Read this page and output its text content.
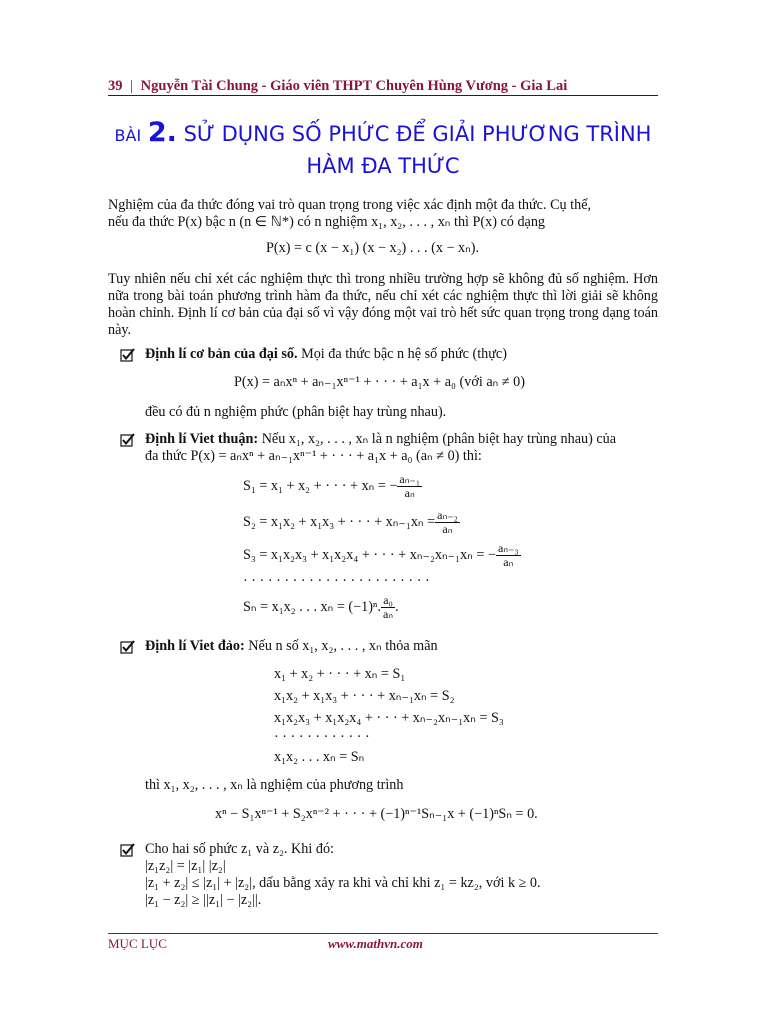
39 | Nguyễn Tài Chung - Giáo viên THPT Chuyên Hùng Vương - Gia Lai
BÀI 2. SỬ DỤNG SỐ PHỨC ĐỂ GIẢI PHƯƠNG TRÌNH
HÀM ĐA THỨC
Nghiệm của đa thức đóng vai trò quan trọng trong việc xác định một đa thức. Cụ thể,
nếu đa thức P(x) bậc n (n ∈ ℕ*) có n nghiệm x₁, x₂, . . . , xₙ thì P(x) có dạng
P(x) = c (x − x₁) (x − x₂) . . . (x − xₙ).
Tuy nhiên nếu chỉ xét các nghiệm thực thì trong nhiều trường hợp sẽ không đủ số nghiệm. Hơn nữa trong bài toán phương trình hàm đa thức, nếu chỉ xét các nghiệm thực thì lời giải sẽ không hoàn chỉnh. Định lí cơ bản của đại số vì vậy đóng một vai trò hết sức quan trọng trong dạng toán này.
Định lí cơ bản của đại số. Mọi đa thức bậc n hệ số phức (thực)
P(x) = aₙxⁿ + aₙ₋₁xⁿ⁻¹ + · · · + a₁x + a₀ (với aₙ ≠ 0)
đều có đủ n nghiệm phức (phân biệt hay trùng nhau).
Định lí Viet thuận: Nếu x₁, x₂, . . . , xₙ là n nghiệm (phân biệt hay trùng nhau) của
đa thức P(x) = aₙxⁿ + aₙ₋₁xⁿ⁻¹ + · · · + a₁x + a₀ (aₙ ≠ 0) thì:
S₁ = x₁ + x₂ + · · · + xₙ = − $\frac{\text{aₙ₋₁}}{\text{aₙ}}$
S₂ = x₁x₂ + x₁x₃ + · · · + $x_{n-1}x_n = \frac{\text{aₙ₋₂}}{\text{aₙ}}$
S₃ = x₁x₂x₃ + x₁x₂x₄ + · · · + xₙ₋₂xₙ₋₁xₙ = − $\frac{\text{aₙ₋₃}}{\text{aₙ}}$
· · · · · · · · · · · · · · · · · · · · · · ·
Sₙ = x₁x₂ . . . xₙ = (−1)ⁿ. $\frac{\text{a₀}}{\text{aₙ}}$ .
Định lí Viet đảo: Nếu n số x₁, x₂, . . . , xₙ thỏa mãn
x₁ + x₂ + · · · + xₙ = S₁
x₁x₂ + x₁x₃ + · · · + xₙ₋₁xₙ = S₂
x₁x₂x₃ + x₁x₂x₄ + · · · + xₙ₋₂xₙ₋₁xₙ = S₃
· · · · · · · · · · · ·
x₁x₂ . . . xₙ = Sₙ
thì x₁, x₂, . . . , xₙ là nghiệm của phương trình
xⁿ − S₁xⁿ⁻¹ + S₂xⁿ⁻² + · · · + (−1)ⁿ⁻¹Sₙ₋₁x + (−1)ⁿSₙ = 0.
Cho hai số phức z₁ và z₂. Khi đó:
|z₁z₂| = |z₁| |z₂|
|z₁ + z₂| ≤ |z₁| + |z₂|, dấu bằng xảy ra khi và chỉ khi z₁ = kz₂, với k ≥ 0.
|z₁ − z₂| ≥ ||z₁| − |z₂||.
MỤC LỤC	www.mathvn.com
